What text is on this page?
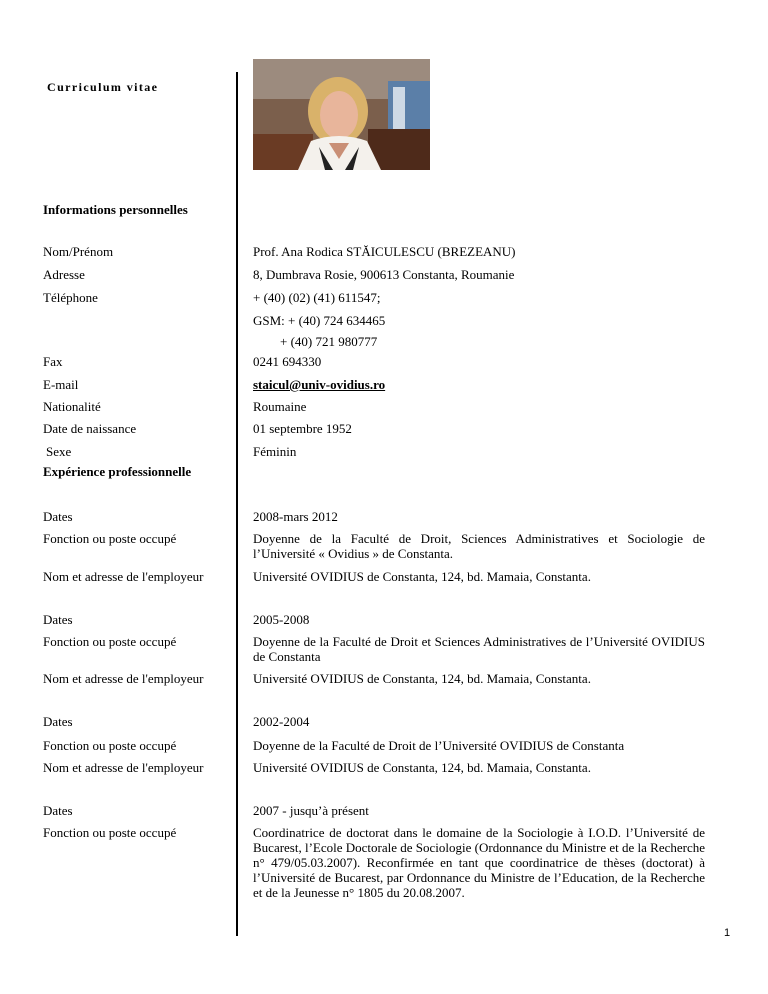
Curriculum vitae
Informations personnelles
Nom/Prénom	Prof. Ana Rodica STĂICULESCU (BREZEANU)
Adresse	8, Dumbrava Rosie, 900613 Constanta, Roumanie
Téléphone	+ (40) (02) (41) 611547;
GSM: + (40) 724 634465
+ (40) 721 980777
Fax	0241 694330
E-mail	staicul@univ-ovidius.ro
Nationalité	Roumaine
Date de naissance	01 septembre 1952
Sexe	Féminin
Expérience professionnelle
Dates	2008-mars 2012
Fonction ou poste occupé	Doyenne de la Faculté de Droit, Sciences Administratives et Sociologie de l’Université « Ovidius » de Constanta.
Nom et adresse de l'employeur	Université OVIDIUS de Constanta, 124, bd. Mamaia, Constanta.
Dates	2005-2008
Fonction ou poste occupé	Doyenne de la Faculté de Droit et Sciences Administratives de l’Université OVIDIUS de Constanta
Nom et adresse de l'employeur	Université OVIDIUS de Constanta, 124, bd. Mamaia, Constanta.
Dates	2002-2004
Fonction ou poste occupé	Doyenne de la Faculté de Droit de l’Université OVIDIUS de Constanta
Nom et adresse de l'employeur	Université OVIDIUS de Constanta, 124, bd. Mamaia, Constanta.
Dates	2007 - jusqu’à présent
Fonction ou poste occupé	Coordinatrice de doctorat dans le domaine de la Sociologie à I.O.D. l’Université de Bucarest, l’Ecole Doctorale de Sociologie (Ordonnance du Ministre et de la Recherche n° 479/05.03.2007). Reconfirmée en tant que coordinatrice de thèses (doctorat) à l’Université de Bucarest, par Ordonnance du Ministre de l’Education, de la Recherche et de la Jeunesse n° 1805 du 20.08.2007.
1
